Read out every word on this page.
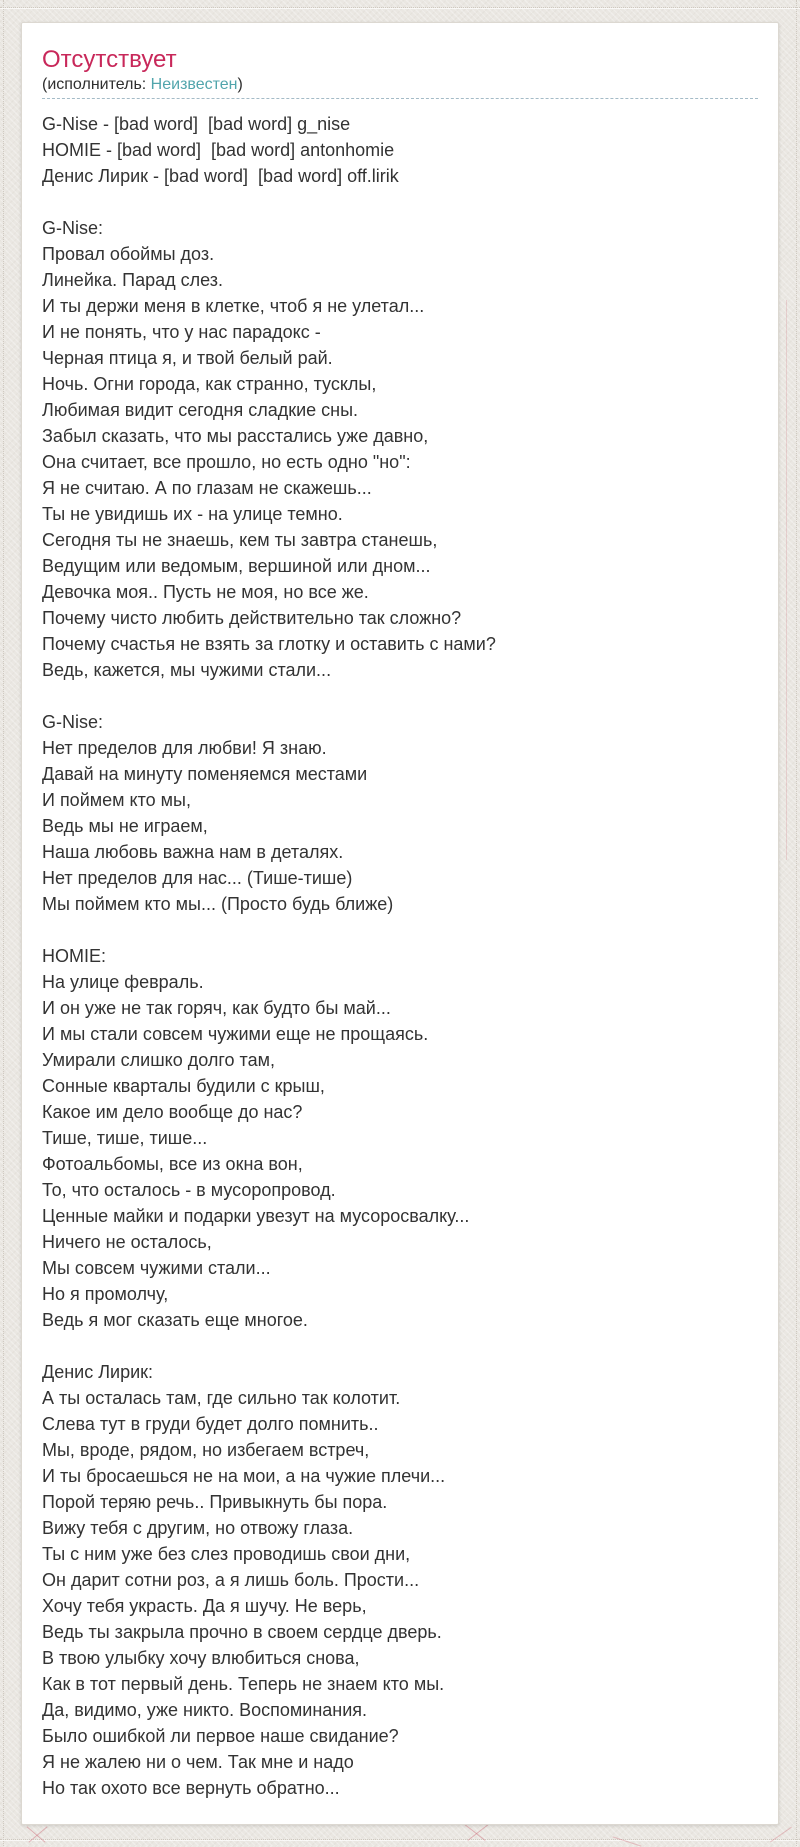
Отсутствует
(исполнитель: Неизвестен)
G-Nise - [bad word]  [bad word] g_nise
HOMIE - [bad word]  [bad word] antonhomie
Денис Лирик - [bad word]  [bad word] off.lirik
G-Nise:
Провал обоймы доз.
Линейка. Парад слез.
И ты держи меня в клетке, чтоб я не улетал...
И не понять, что у нас парадокс -
Черная птица я, и твой белый рай.
Ночь. Огни города, как странно, тусклы,
Любимая видит сегодня сладкие сны.
Забыл сказать, что мы расстались уже давно,
Она считает, все прошло, но есть одно "но":
Я не считаю. А по глазам не скажешь...
Ты не увидишь их - на улице темно.
Сегодня ты не знаешь, кем ты завтра станешь,
Ведущим или ведомым, вершиной или дном...
Девочка моя.. Пусть не моя, но все же.
Почему чисто любить действительно так сложно?
Почему счастья не взять за глотку и оставить с нами?
Ведь, кажется, мы чужими стали...
G-Nise:
Нет пределов для любви! Я знаю.
Давай на минуту поменяемся местами
И поймем кто мы,
Ведь мы не играем,
Наша любовь важна нам в деталях.
Нет пределов для нас... (Тише-тише)
Мы поймем кто мы... (Просто будь ближе)
HOMIE:
На улице февраль.
И он уже не так горяч, как будто бы май...
И мы стали совсем чужими еще не прощаясь.
Умирали слишко долго там,
Сонные кварталы будили с крыш,
Какое им дело вообще до нас?
Тише, тише, тише...
Фотоальбомы, все из окна вон,
То, что осталось - в мусоропровод.
Ценные майки и подарки увезут на мусоросвалку...
Ничего не осталось,
Мы совсем чужими стали...
Но я промолчу,
Ведь я мог сказать еще многое.
Денис Лирик:
А ты осталась там, где сильно так колотит.
Слева тут в груди будет долго помнить..
Мы, вроде, рядом, но избегаем встреч,
И ты бросаешься не на мои, а на чужие плечи...
Порой теряю речь.. Привыкнуть бы пора.
Вижу тебя с другим, но отвожу глаза.
Ты с ним уже без слез проводишь свои дни,
Он дарит сотни роз, а я лишь боль. Прости...
Хочу тебя украсть. Да я шучу. Не верь,
Ведь ты закрыла прочно в своем сердце дверь.
В твою улыбку хочу влюбиться снова,
Как в тот первый день. Теперь не знаем кто мы.
Да, видимо, уже никто. Воспоминания.
Было ошибкой ли первое наше свидание?
Я не жалею ни о чем. Так мне и надо
Но так охото все вернуть обратно...
